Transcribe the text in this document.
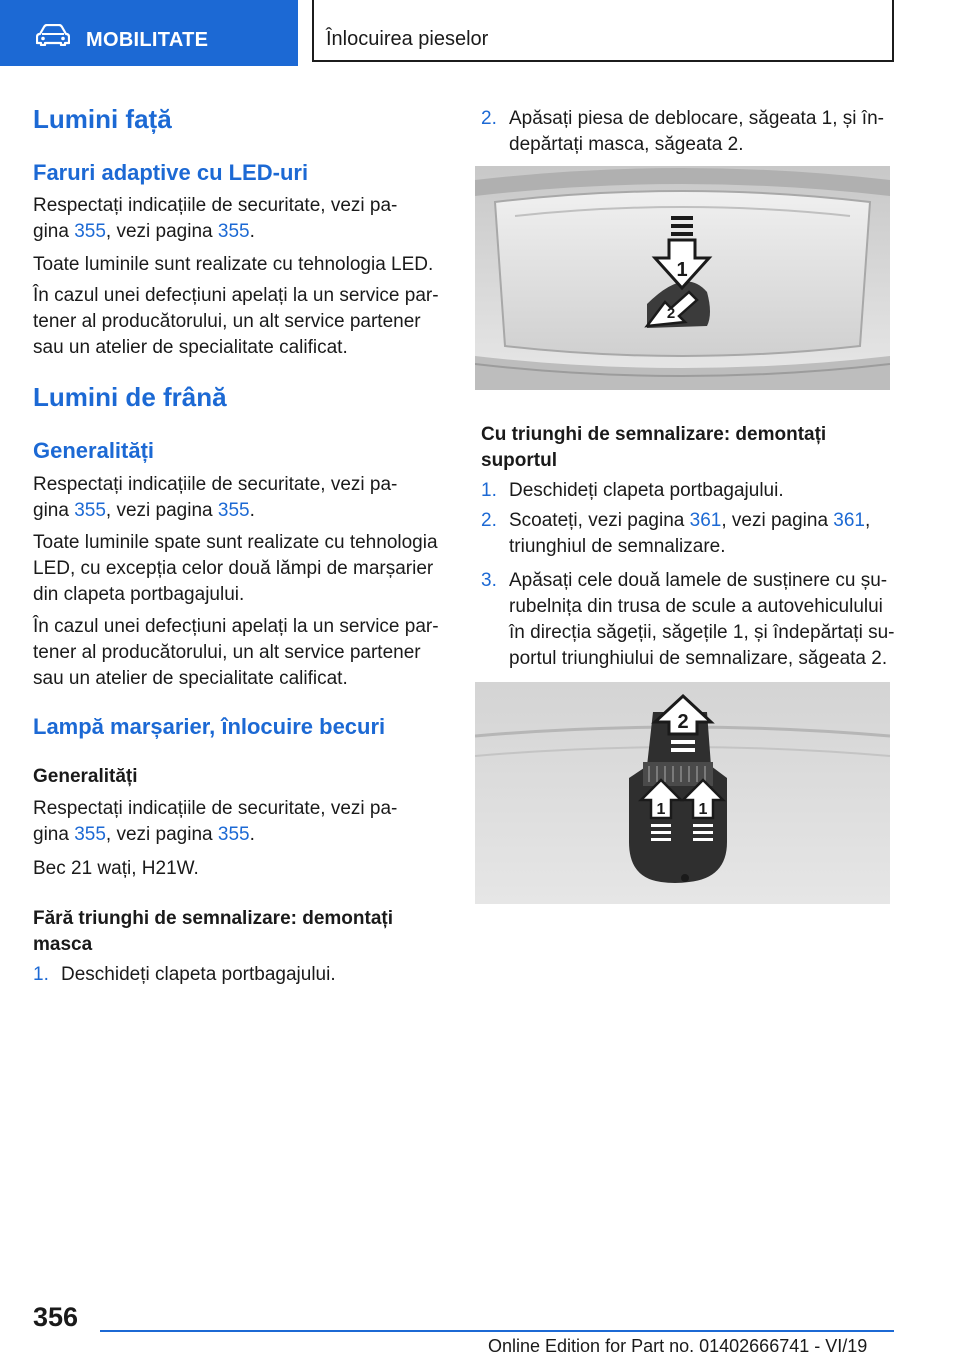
MOBILITATE	Înlocuirea pieselor
Lumini față
Faruri adaptive cu LED-uri
Respectați indicațiile de securitate, vezi pa-
gina 355, vezi pagina 355.
Toate luminile sunt realizate cu tehnologia LED.
În cazul unei defecțiuni apelați la un service par-
tener al producătorului, un alt service partener
sau un atelier de specialitate calificat.
Lumini de frână
Generalități
Respectați indicațiile de securitate, vezi pa-
gina 355, vezi pagina 355.
Toate luminile spate sunt realizate cu tehnologia
LED, cu excepția celor două lămpi de marșarier
din clapeta portbagajului.
În cazul unei defecțiuni apelați la un service par-
tener al producătorului, un alt service partener
sau un atelier de specialitate calificat.
Lampă marșarier, înlocuire becuri
Generalități
Respectați indicațiile de securitate, vezi pa-
gina 355, vezi pagina 355.
Bec 21 wați, H21W.
Fără triunghi de semnalizare: demontați
masca
1. Deschideți clapeta portbagajului.
2. Apăsați piesa de deblocare, săgeata 1, și în-
depărtați masca, săgeata 2.
1
2
Cu triunghi de semnalizare: demontați
suportul
1. Deschideți clapeta portbagajului.
2. Scoateți, vezi pagina 361, vezi pagina 361,
triunghiul de semnalizare.
3. Apăsați cele două lamele de susținere cu șu-
rubelnița din trusa de scule a autovehiculului
în direcția săgeții, săgețile 1, și îndepărtați su-
portul triunghiului de semnalizare, săgeata 2.
2
1 1
356
Online Edition for Part no. 01402666741 - VI/19
